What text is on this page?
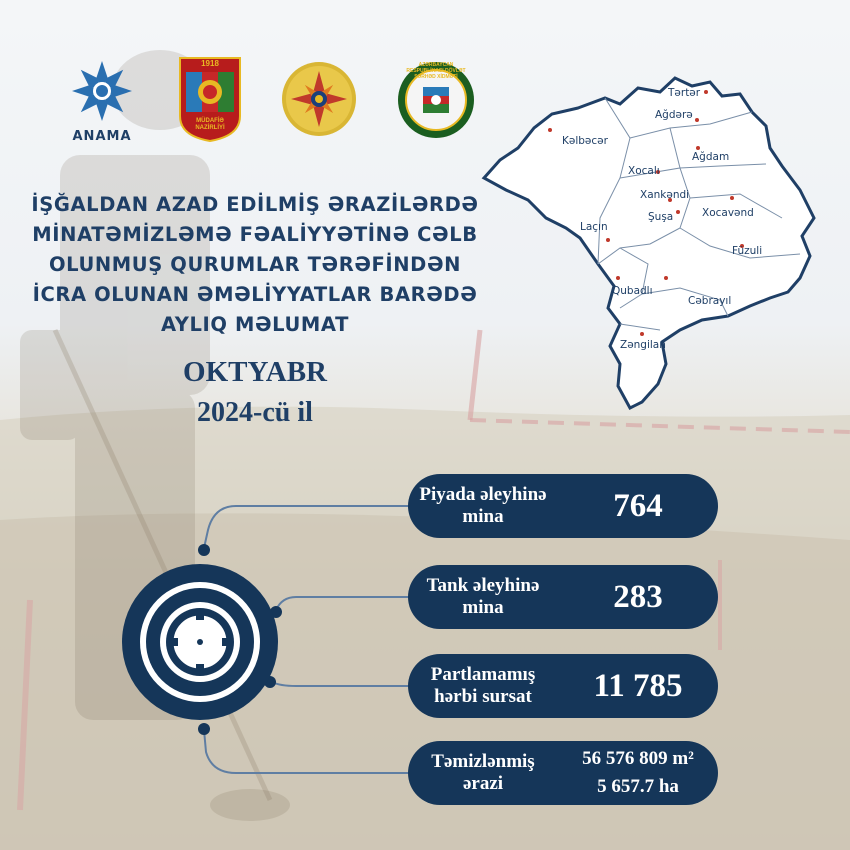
ANAMA
1918
MÜDAFİƏ NAZİRLİYİ
AZƏRBAYCAN RESPUBLİKASI DÖVLƏT SƏRHƏD XİDMƏTİ
İŞĞALDAN AZAD EDİLMİŞ ƏRAZİLƏRDƏ
MİNATƏMİZLƏMƏ FƏALİYYƏTİNƏ CƏLB
OLUNMUŞ QURUMLAR TƏRƏFİNDƏN
İCRA OLUNAN ƏMƏLİYYATLAR BARƏDƏ
AYLIQ MƏLUMAT
OKTYABR
2024-cü il
Tərtər
Ağdərə
Kəlbəcər
Ağdam
Xocalı
Xankəndi
Şuşa	Xocavənd
Laçın
Füzuli
Qubadlı
Cəbrayıl
Zəngilan
Piyada əleyhinə
mina	764
Tank əleyhinə
mina	283
Partlamamış
hərbi sursat	11 785
Təmizlənmiş
ərazi
56 576 809 m²
5 657.7 ha
